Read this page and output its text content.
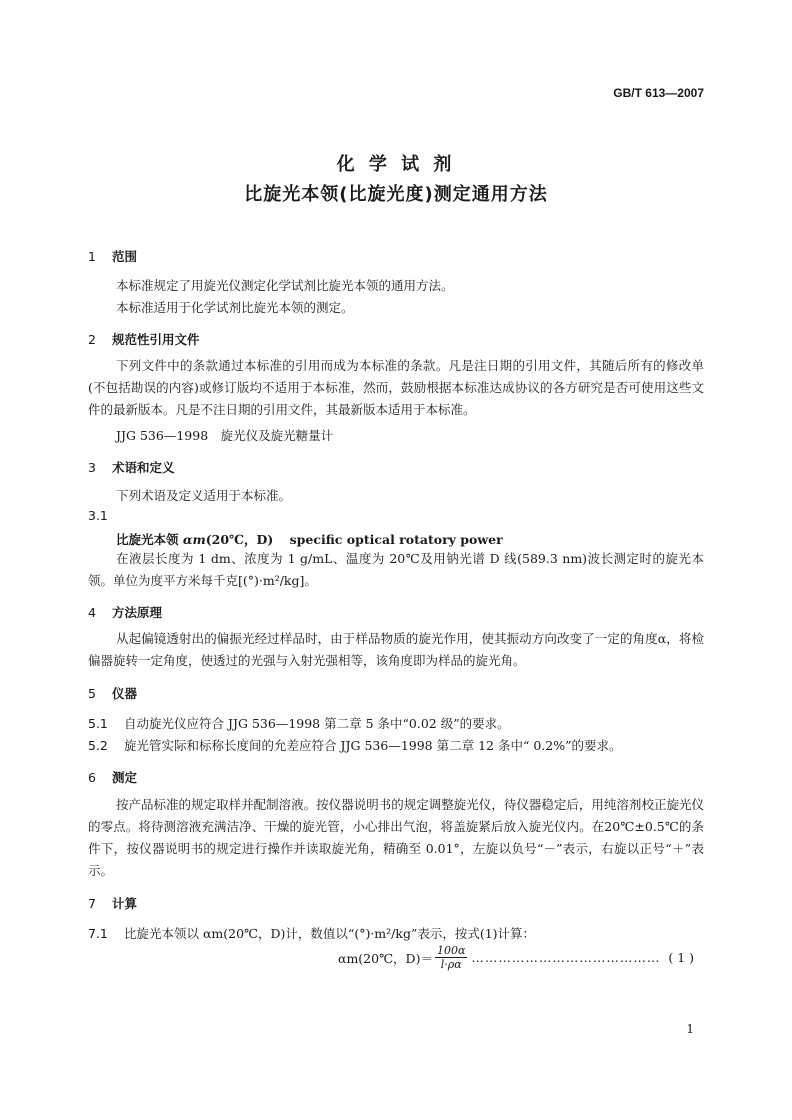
GB/T 613—2007
化 学 试 剂
比旋光本领(比旋光度)测定通用方法
1 范围
本标准规定了用旋光仪测定化学试剂比旋光本领的通用方法。
本标准适用于化学试剂比旋光本领的测定。
2 规范性引用文件
下列文件中的条款通过本标准的引用而成为本标准的条款。凡是注日期的引用文件，其随后所有的修改单(不包括勘误的内容)或修订版均不适用于本标准，然而，鼓励根据本标准达成协议的各方研究是否可使用这些文件的最新版本。凡是不注日期的引用文件，其最新版本适用于本标准。
JJG 536—1998　旋光仪及旋光糖量计
3 术语和定义
下列术语及定义适用于本标准。
3.1
比旋光本领 αm(20℃，D) specific optical rotatory power
在液层长度为 1 dm、浓度为 1 g/mL、温度为 20℃及用钠光谱 D 线(589.3 nm)波长测定时的旋光本领。单位为度平方米每千克[(°)·m²/kg]。
4 方法原理
从起偏镜透射出的偏振光经过样品时，由于样品物质的旋光作用，使其振动方向改变了一定的角度α，将检偏器旋转一定角度，使透过的光强与入射光强相等，该角度即为样品的旋光角。
5 仪器
5.1 自动旋光仪应符合 JJG 536—1998 第二章 5 条中“0.02 级”的要求。
5.2 旋光管实际和标称长度间的允差应符合 JJG 536—1998 第二章 12 条中“ 0.2%”的要求。
6 测定
按产品标准的规定取样并配制溶液。按仪器说明书的规定调整旋光仪，待仪器稳定后，用纯溶剂校正旋光仪的零点。将待测溶液充满洁净、干燥的旋光管，小心排出气泡，将盖旋紧后放入旋光仪内。在20℃±0.5℃的条件下，按仪器说明书的规定进行操作并读取旋光角，精确至 0.01°，左旋以负号“－”表示，右旋以正号“＋”表示。
7 计算
7.1 比旋光本领以 αm(20℃，D)计，数值以“(°)·m²/kg”表示，按式(1)计算：
αm(20℃，$D)= \frac{100\alpha}{l\cdot\rho\alpha}$ …………………………………… ( 1 )
1
